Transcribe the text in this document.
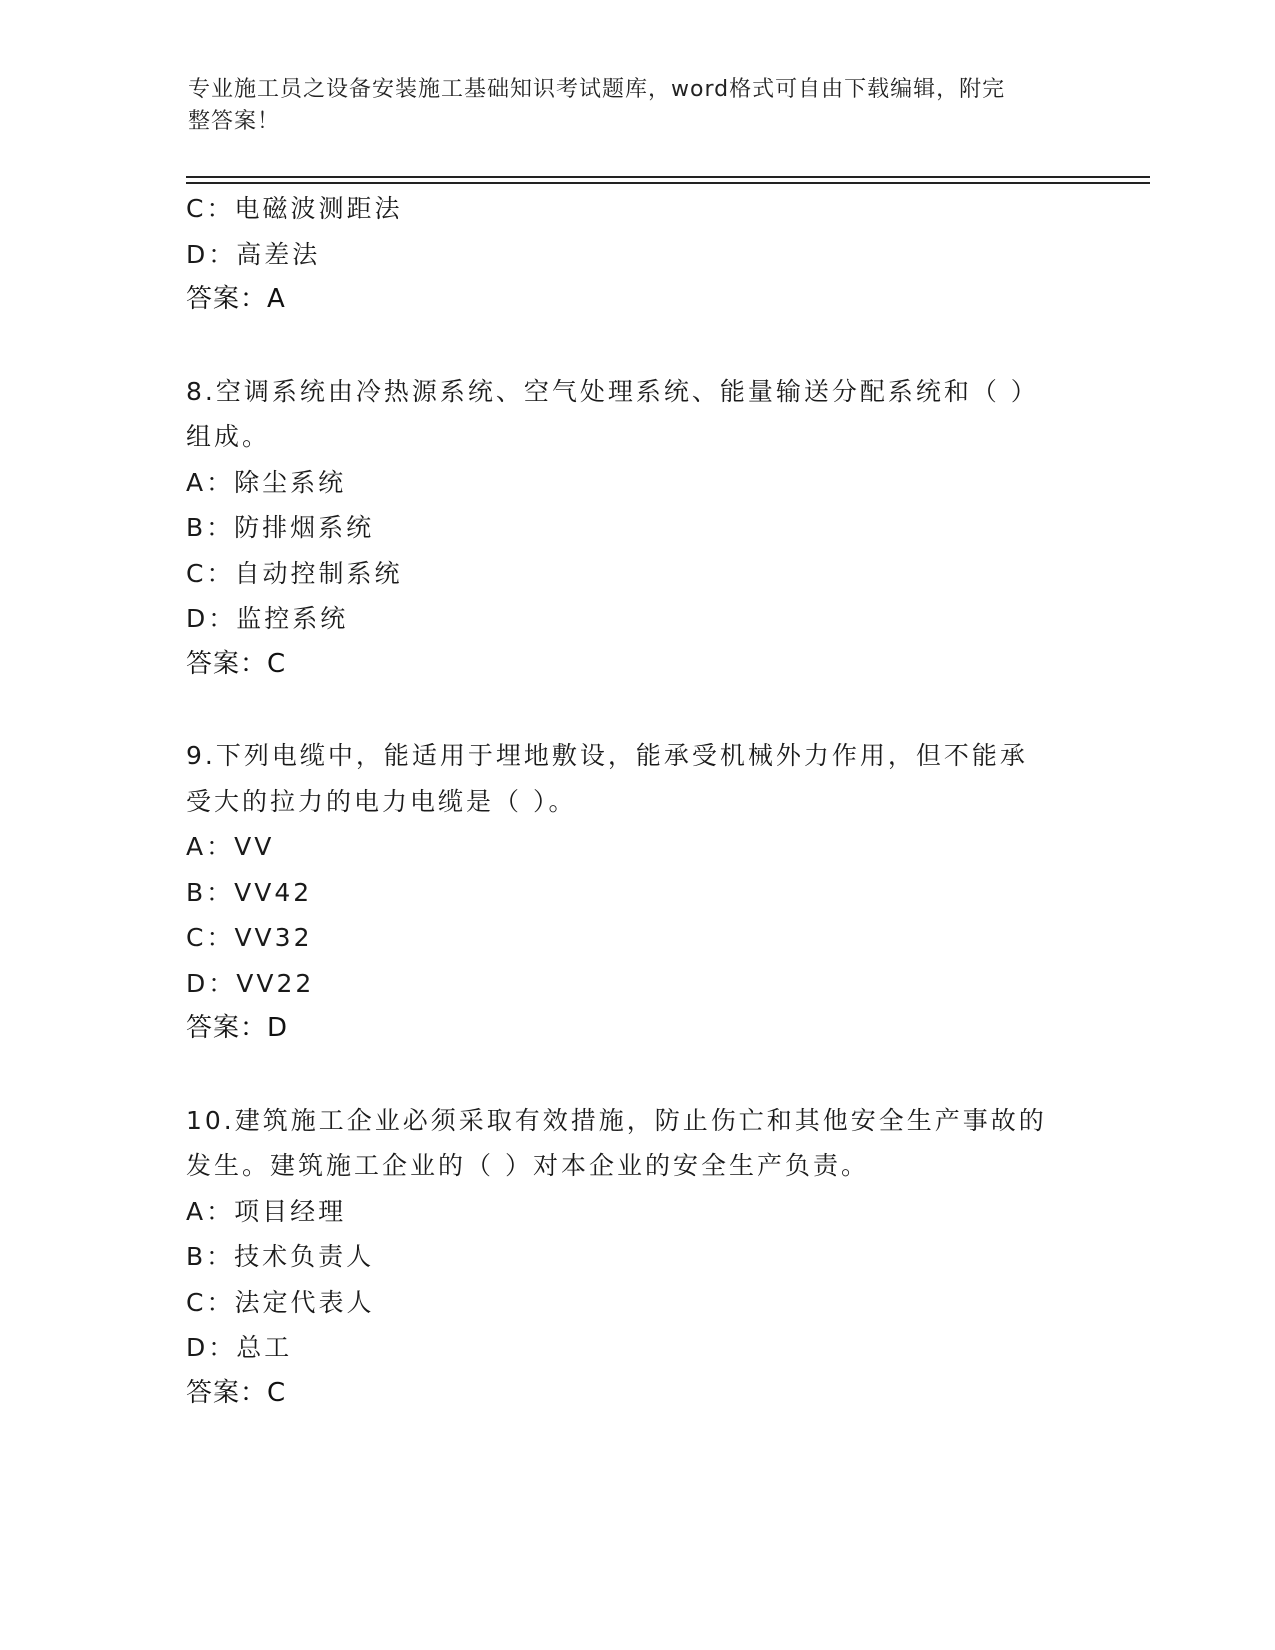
专业施工员之设备安装施工基础知识考试题库，word格式可自由下载编辑，附完
整答案！
C：电磁波测距法
D：高差法
答案：A
8.空调系统由冷热源系统、空气处理系统、能量输送分配系统和（ ）
组成。
A：除尘系统
B：防排烟系统
C：自动控制系统
D：监控系统
答案：C
9.下列电缆中，能适用于埋地敷设，能承受机械外力作用，但不能承
受大的拉力的电力电缆是（ ）。
A：VV
B：VV42
C：VV32
D：VV22
答案：D
10.建筑施工企业必须采取有效措施，防止伤亡和其他安全生产事故的
发生。建筑施工企业的（ ）对本企业的安全生产负责。
A：项目经理
B：技术负责人
C：法定代表人
D：总工
答案：C
